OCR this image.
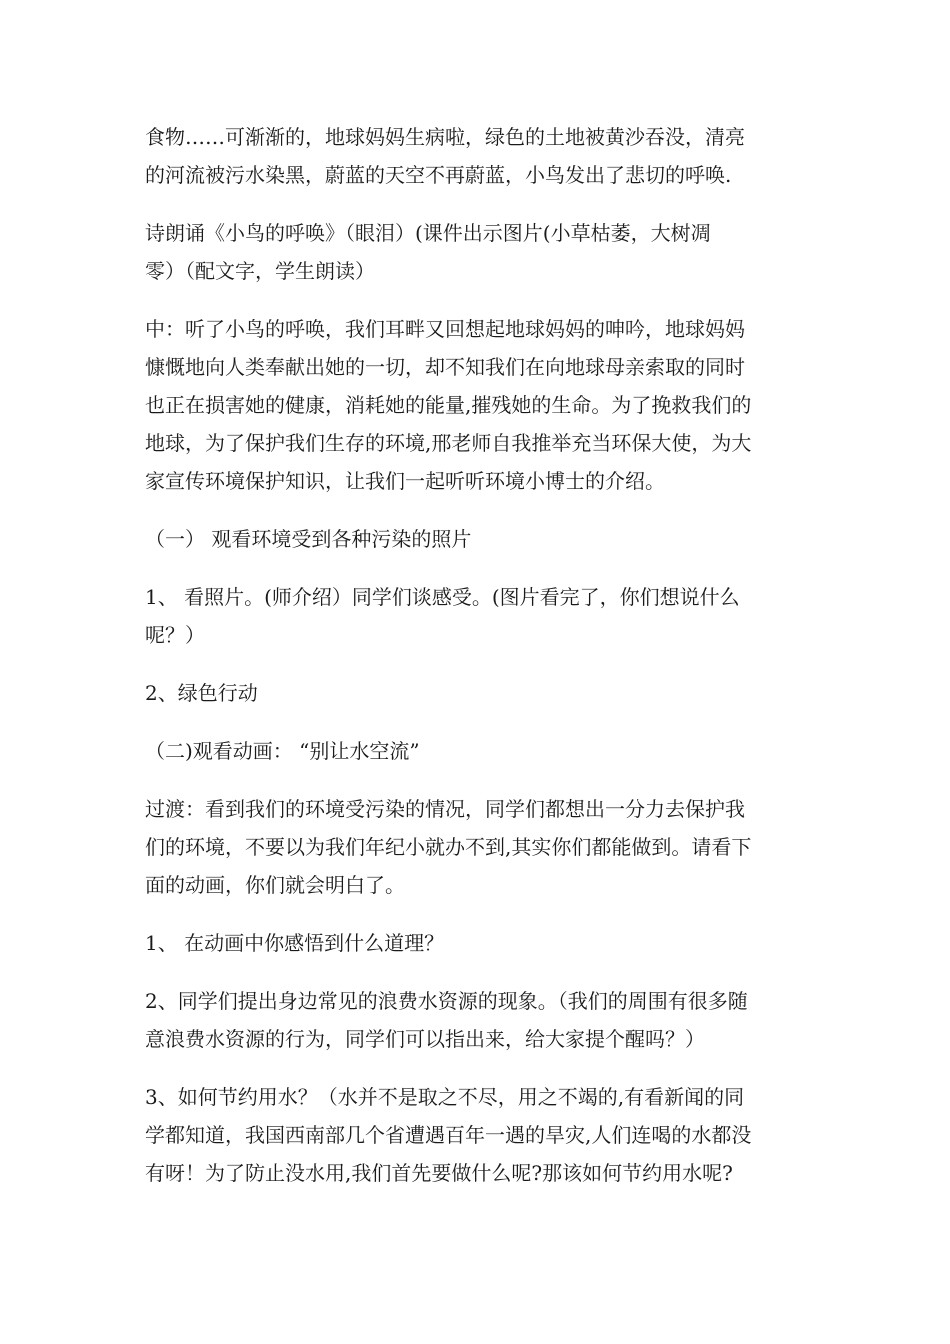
食物……可渐渐的，地球妈妈生病啦，绿色的土地被黄沙吞没，清亮
的河流被污水染黑，蔚蓝的天空不再蔚蓝，小鸟发出了悲切的呼唤.

诗朗诵《小鸟的呼唤》（眼泪）(课件出示图片(小草枯萎，大树凋
零）（配文字，学生朗读）

中：听了小鸟的呼唤，我们耳畔又回想起地球妈妈的呻吟，地球妈妈
慷慨地向人类奉献出她的一切，却不知我们在向地球母亲索取的同时
也正在损害她的健康，消耗她的能量,摧残她的生命。为了挽救我们的
地球，为了保护我们生存的环境,邢老师自我推举充当环保大使，为大
家宣传环境保护知识，让我们一起听听环境小博士的介绍。

（一） 观看环境受到各种污染的照片

1、 看照片。(师介绍）同学们谈感受。(图片看完了，你们想说什么
呢？）

2、绿色行动

（二)观看动画： “别让水空流”

过渡：看到我们的环境受污染的情况，同学们都想出一分力去保护我
们的环境，不要以为我们年纪小就办不到,其实你们都能做到。请看下
面的动画，你们就会明白了。

1、 在动画中你感悟到什么道理？

2、同学们提出身边常见的浪费水资源的现象。（我们的周围有很多随
意浪费水资源的行为，同学们可以指出来，给大家提个醒吗？）

3、如何节约用水？（水并不是取之不尽，用之不竭的,有看新闻的同
学都知道，我国西南部几个省遭遇百年一遇的旱灾,人们连喝的水都没
有呀！为了防止没水用,我们首先要做什么呢?那该如何节约用水呢?
